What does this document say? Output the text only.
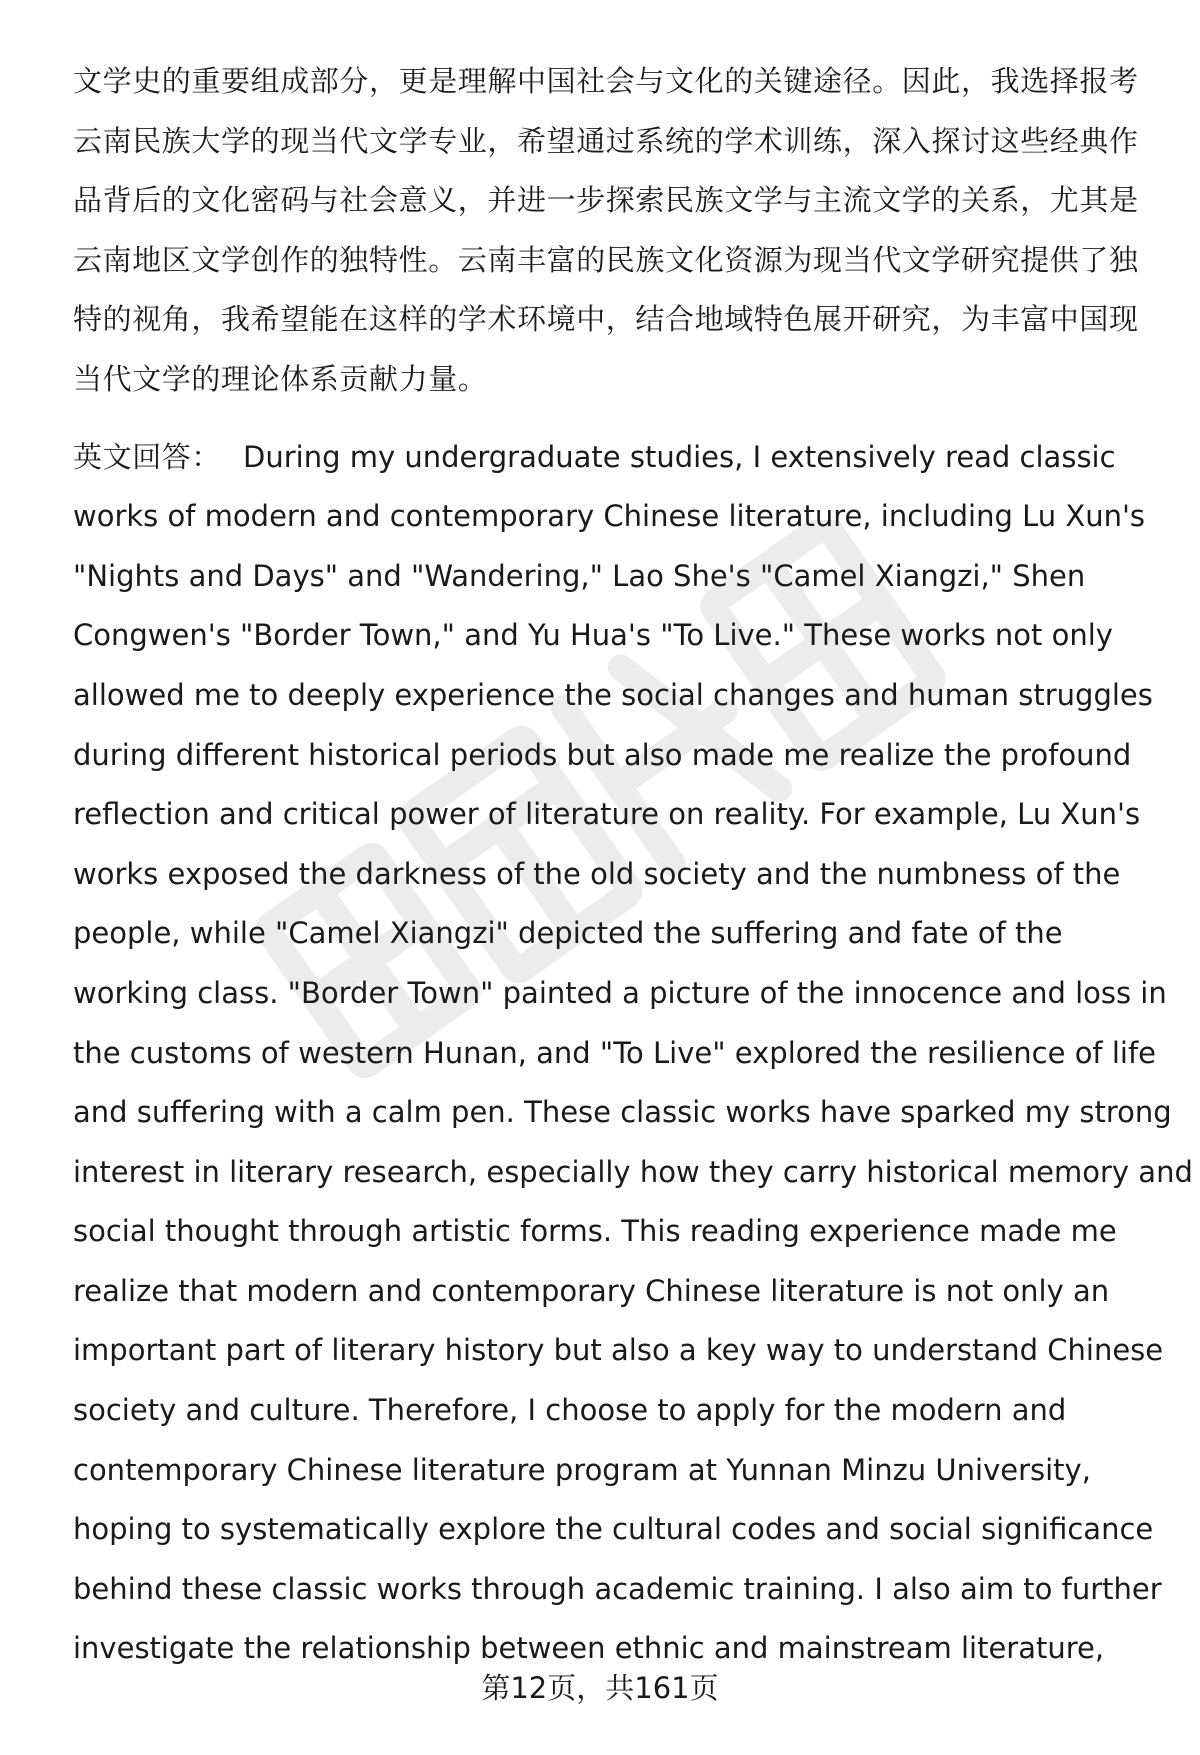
文学史的重要组成部分，更是理解中国社会与文化的关键途径。因此，我选择报考
云南民族大学的现当代文学专业，希望通过系统的学术训练，深入探讨这些经典作
品背后的文化密码与社会意义，并进一步探索民族文学与主流文学的关系，尤其是
云南地区文学创作的独特性。云南丰富的民族文化资源为现当代文学研究提供了独
特的视角，我希望能在这样的学术环境中，结合地域特色展开研究，为丰富中国现
当代文学的理论体系贡献力量。
英文回答： During my undergraduate studies, I extensively read classic
works of modern and contemporary Chinese literature, including Lu Xun's
"Nights and Days" and "Wandering," Lao She's "Camel Xiangzi," Shen
Congwen's "Border Town," and Yu Hua's "To Live." These works not only
allowed me to deeply experience the social changes and human struggles
during different historical periods but also made me realize the profound
reflection and critical power of literature on reality. For example, Lu Xun's
works exposed the darkness of the old society and the numbness of the
people, while "Camel Xiangzi" depicted the suffering and fate of the
working class. "Border Town" painted a picture of the innocence and loss in
the customs of western Hunan, and "To Live" explored the resilience of life
and suffering with a calm pen. These classic works have sparked my strong
interest in literary research, especially how they carry historical memory and
social thought through artistic forms. This reading experience made me
realize that modern and contemporary Chinese literature is not only an
important part of literary history but also a key way to understand Chinese
society and culture. Therefore, I choose to apply for the modern and
contemporary Chinese literature program at Yunnan Minzu University,
hoping to systematically explore the cultural codes and social significance
behind these classic works through academic training. I also aim to further
investigate the relationship between ethnic and mainstream literature,
第12页，共161页
